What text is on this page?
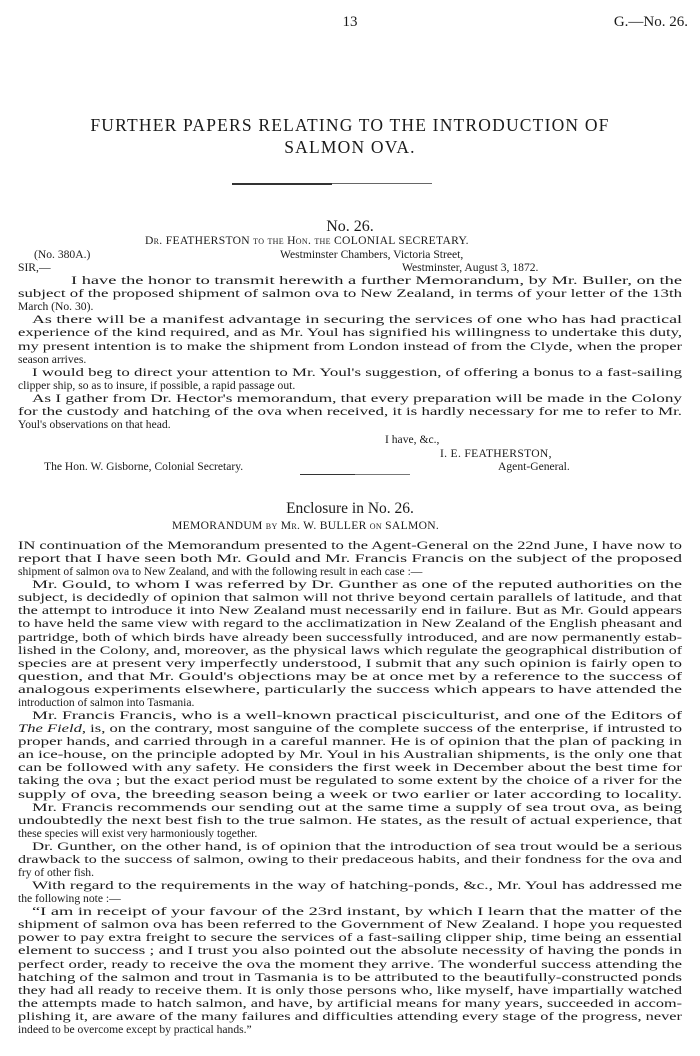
13	G.—No. 26.
FURTHER PAPERS RELATING TO THE INTRODUCTION OF
SALMON OVA.
No. 26.
Dr. FEATHERSTON to the Hon. the COLONIAL SECRETARY.
(No. 380A.)	Westminster Chambers, Victoria Street,
SIR,—	Westminster, August 3, 1872.
I have the honor to transmit herewith a further Memorandum, by Mr. Buller, on the
subject of the proposed shipment of salmon ova to New Zealand, in terms of your letter of the 13th
March (No. 30).
As there will be a manifest advantage in securing the services of one who has had practical
experience of the kind required, and as Mr. Youl has signified his willingness to undertake this duty,
my present intention is to make the shipment from London instead of from the Clyde, when the proper
season arrives.
I would beg to direct your attention to Mr. Youl's suggestion, of offering a bonus to a fast-sailing
clipper ship, so as to insure, if possible, a rapid passage out.
As I gather from Dr. Hector's memorandum, that every preparation will be made in the Colony
for the custody and hatching of the ova when received, it is hardly necessary for me to refer to Mr.
Youl's observations on that head.
I have, &c.,
I. E. FEATHERSTON,
The Hon. W. Gisborne, Colonial Secretary.	Agent-General.
Enclosure in No. 26.
MEMORANDUM by Mr. W. BULLER on SALMON.
IN continuation of the Memorandum presented to the Agent-General on the 22nd June, I have now to
report that I have seen both Mr. Gould and Mr. Francis Francis on the subject of the proposed
shipment of salmon ova to New Zealand, and with the following result in each case :—
Mr. Gould, to whom I was referred by Dr. Gunther as one of the reputed authorities on the
subject, is decidedly of opinion that salmon will not thrive beyond certain parallels of latitude, and that
the attempt to introduce it into New Zealand must necessarily end in failure. But as Mr. Gould appears
to have held the same view with regard to the acclimatization in New Zealand of the English pheasant and
partridge, both of which birds have already been successfully introduced, and are now permanently estab-
lished in the Colony, and, moreover, as the physical laws which regulate the geographical distribution of
species are at present very imperfectly understood, I submit that any such opinion is fairly open to
question, and that Mr. Gould's objections may be at once met by a reference to the success of
analogous experiments elsewhere, particularly the success which appears to have attended the
introduction of salmon into Tasmania.
Mr. Francis Francis, who is a well-known practical pisciculturist, and one of the Editors of
The Field, is, on the contrary, most sanguine of the complete success of the enterprise, if intrusted to
proper hands, and carried through in a careful manner. He is of opinion that the plan of packing in
an ice-house, on the principle adopted by Mr. Youl in his Australian shipments, is the only one that
can be followed with any safety. He considers the first week in December about the best time for
taking the ova ; but the exact period must be regulated to some extent by the choice of a river for the
supply of ova, the breeding season being a week or two earlier or later according to locality.
Mr. Francis recommends our sending out at the same time a supply of sea trout ova, as being
undoubtedly the next best fish to the true salmon. He states, as the result of actual experience, that
these species will exist very harmoniously together.
Dr. Gunther, on the other hand, is of opinion that the introduction of sea trout would be a serious
drawback to the success of salmon, owing to their predaceous habits, and their fondness for the ova and
fry of other fish.
With regard to the requirements in the way of hatching-ponds, &c., Mr. Youl has addressed me
the following note :—
“I am in receipt of your favour of the 23rd instant, by which I learn that the matter of the
shipment of salmon ova has been referred to the Government of New Zealand. I hope you requested
power to pay extra freight to secure the services of a fast-sailing clipper ship, time being an essential
element to success ; and I trust you also pointed out the absolute necessity of having the ponds in
perfect order, ready to receive the ova the moment they arrive. The wonderful success attending the
hatching of the salmon and trout in Tasmania is to be attributed to the beautifully-constructed ponds
they had all ready to receive them. It is only those persons who, like myself, have impartially watched
the attempts made to hatch salmon, and have, by artificial means for many years, succeeded in accom-
plishing it, are aware of the many failures and difficulties attending every stage of the progress, never
indeed to be overcome except by practical hands.”
